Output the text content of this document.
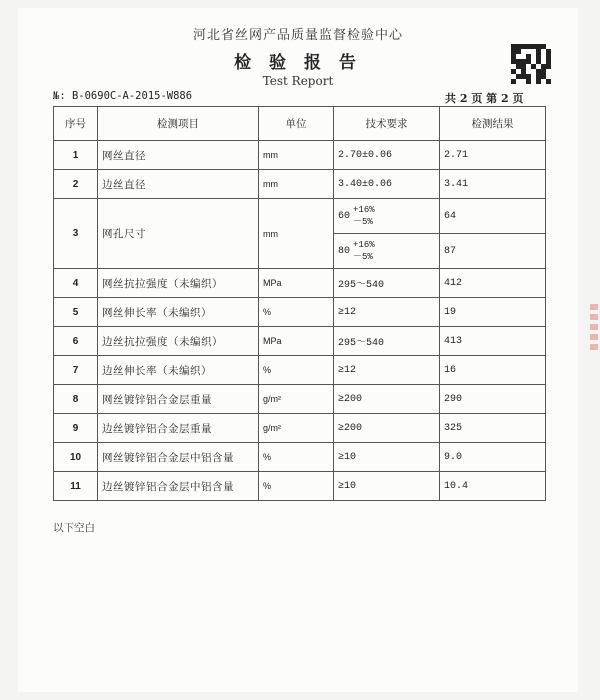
河北省丝网产品质量监督检验中心
检 验 报 告
Test Report
№: B-0690C-A-2015-W886	共 2 页 第 2 页
序号	检测项目	单位	技术要求	检测结果
1	网丝直径	mm	2.70±0.06	2.71
2	边丝直径	mm	3.40±0.06	3.41
3	网孔尺寸	mm	60
+16%
－5%	64

			80
+16%
－5%	87
4	网丝抗拉强度（未编织）	MPa	295～540	412
5	网丝伸长率（未编织）	%	≥12	19
6	边丝抗拉强度（未编织）	MPa	295～540	413
7	边丝伸长率（未编织）	%	≥12	16
8	网丝镀锌铝合金层重量	g/m²	≥200	290
9	边丝镀锌铝合金层重量	g/m²	≥200	325
10	网丝镀锌铝合金层中铝含量	%	≥10	9.0
11	边丝镀锌铝合金层中铝含量	%	≥10	10.4
以下空白
